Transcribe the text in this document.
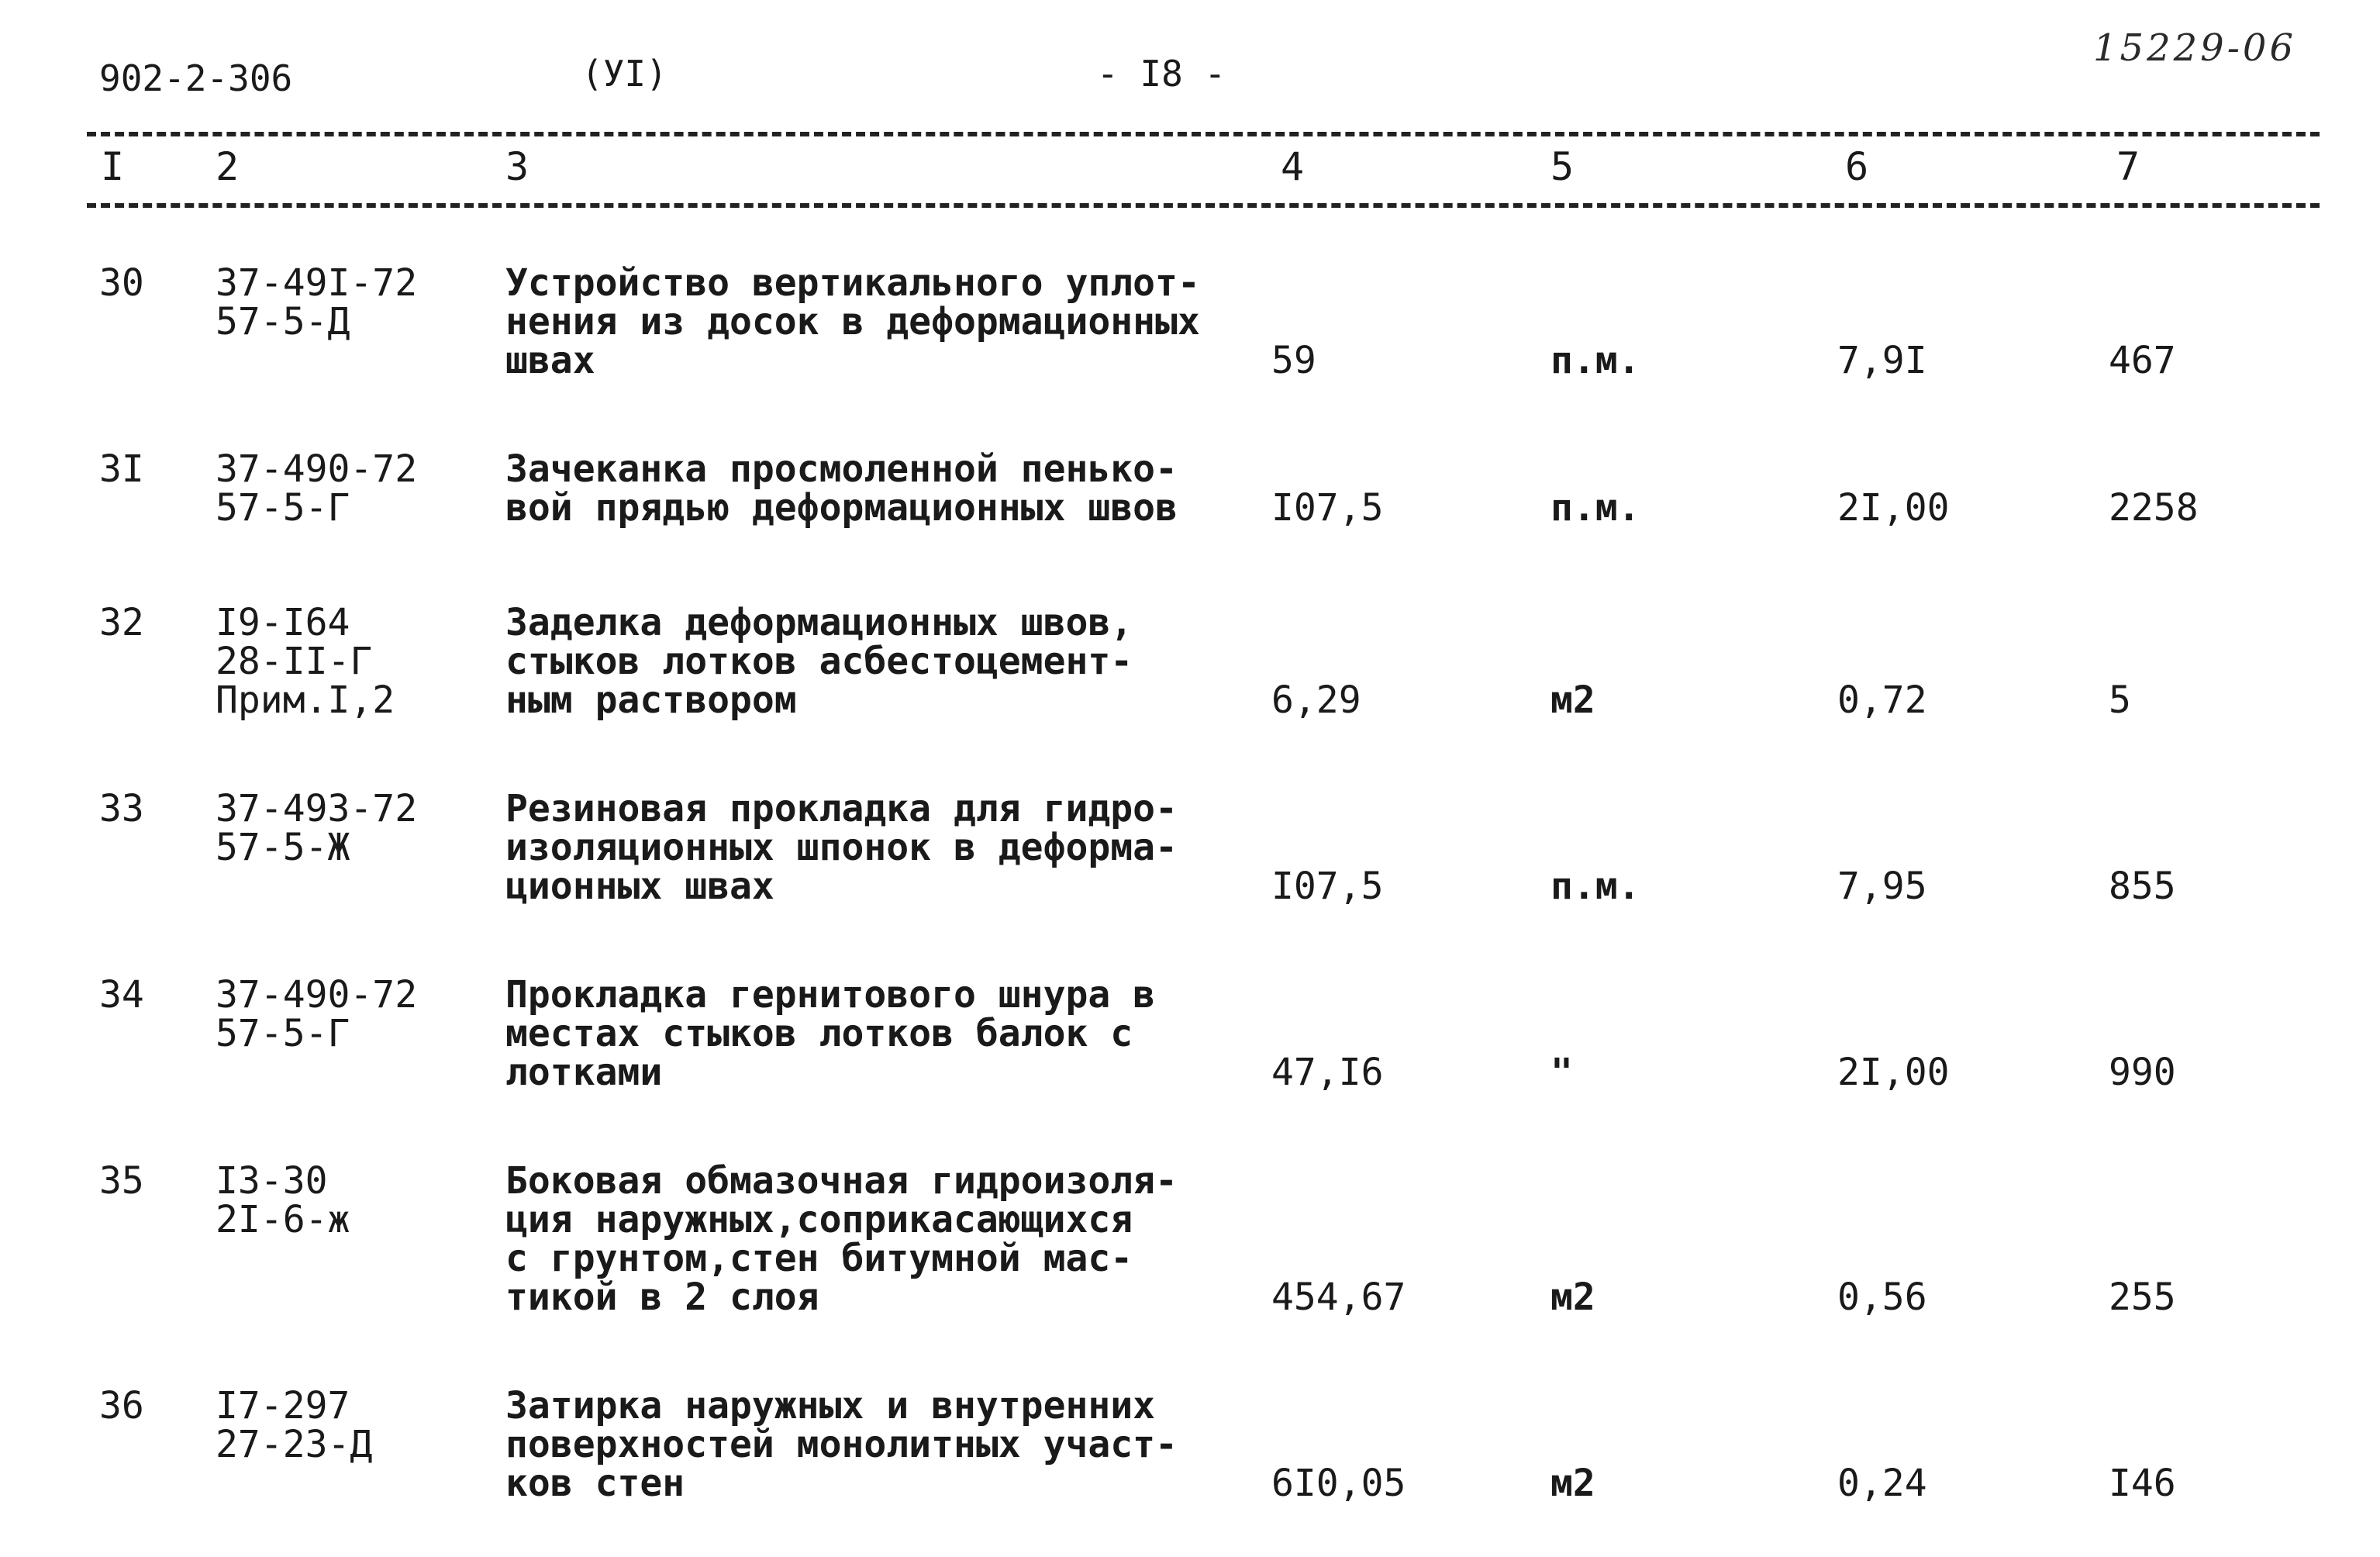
902-2-306	(УI)	- I8 -
15229-06
I 2	3	4	5	6	7
30 37-49I-72
57-5-Д
Устройство вертикального уплот-
нения из досок в деформационных
швах	59	п.м.	7,9I	467
3I 37-490-72
57-5-Г
Зачеканка просмоленной пенько-
вой прядью деформационных швов	I07,5	п.м.	2I,00	2258
32 I9-I64
28-II-Г
Прим.I,2
Заделка деформационных швов,
стыков лотков асбестоцемент-
ным раствором	6,29	м2	0,72	5
33 37-493-72
57-5-Ж
Резиновая прокладка для гидро-
изоляционных шпонок в деформа-
ционных швах	I07,5	п.м.	7,95	855
34 37-490-72
57-5-Г
Прокладка гернитового шнура в
местах стыков лотков балок с
лотками	47,I6	"	2I,00	990
35 I3-30
2I-6-ж
Боковая обмазочная гидроизоля-
ция наружных,соприкасающихся
с грунтом,стен битумной мас-
тикой в 2 слоя	454,67	м2	0,56	255
36 I7-297
27-23-Д
Затирка наружных и внутренних
поверхностей монолитных участ-
ков стен	6I0,05	м2	0,24	I46
